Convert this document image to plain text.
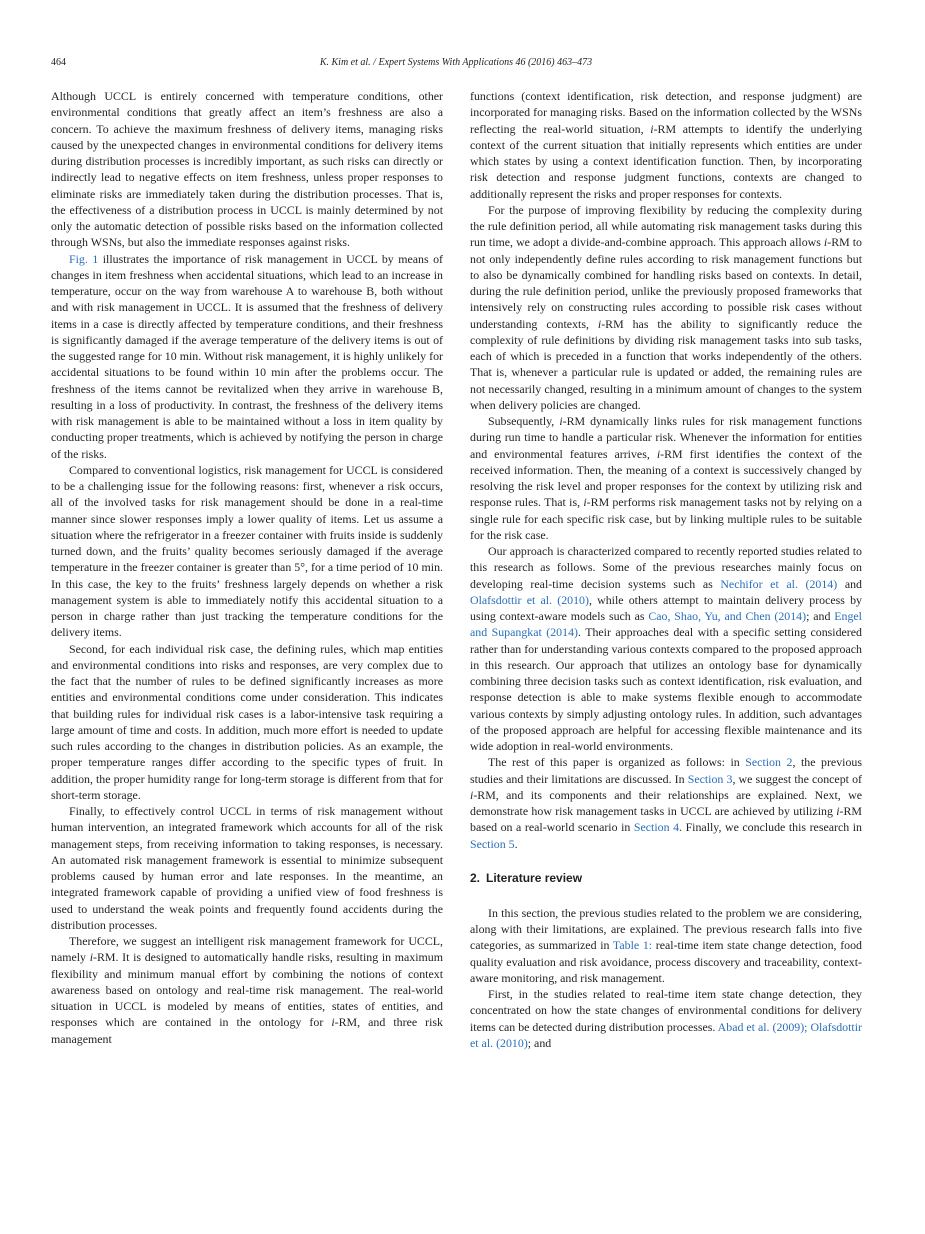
464	K. Kim et al. / Expert Systems With Applications 46 (2016) 463–473

Although UCCL is entirely concerned with temperature conditions, other environmental conditions that greatly affect an item’s freshness are also a concern. To achieve the maximum freshness of delivery items, managing risks caused by the unexpected changes in environmental conditions for delivery items during distribution processes is incredibly important, as such risks can directly or indirectly lead to negative effects on item freshness, unless proper responses to eliminate risks are immediately taken during the distribution processes. That is, the effectiveness of a distribution process in UCCL is mainly determined by not only the automatic detection of possible risks based on the information collected through WSNs, but also the immediate responses against risks.

Fig. 1 illustrates the importance of risk management in UCCL by means of changes in item freshness when accidental situations, which lead to an increase in temperature, occur on the way from warehouse A to warehouse B, both without and with risk management in UCCL. It is assumed that the freshness of delivery items in a case is directly affected by temperature conditions, and their freshness is significantly damaged if the average temperature of the delivery items is out of the suggested range for 10 min. Without risk management, it is highly unlikely for accidental situations to be found within 10 min after the problems occur. The freshness of the items cannot be revitalized when they arrive in warehouse B, resulting in a loss of productivity. In contrast, the freshness of the delivery items with risk management is able to be maintained without a loss in item quality by conducting proper treatments, which is achieved by notifying the person in charge of the risks.

Compared to conventional logistics, risk management for UCCL is considered to be a challenging issue for the following reasons: first, whenever a risk occurs, all of the involved tasks for risk management should be done in a real-time manner since slower responses imply a lower quality of items. Let us assume a situation where the refrigerator in a freezer container with fruits inside is suddenly turned down, and the fruits’ quality becomes seriously damaged if the average temperature in the freezer container is greater than 5°, for a time period of 10 min. In this case, the key to the fruits’ freshness largely depends on whether a risk management system is able to immediately notify this accidental situation to a person in charge rather than just tracking the temperature conditions for the delivery items.

Second, for each individual risk case, the defining rules, which map entities and environmental conditions into risks and responses, are very complex due to the fact that the number of rules to be defined significantly increases as more entities and environmental conditions come under consideration. This indicates that building rules for individual risk cases is a labor-intensive task requiring a large amount of time and costs. In addition, much more effort is needed to update such rules according to the changes in distribution policies. As an example, the proper temperature ranges differ according to the specific types of fruit. In addition, the proper humidity range for long-term storage is different from that for short-term storage.

Finally, to effectively control UCCL in terms of risk management without human intervention, an integrated framework which accounts for all of the risk management steps, from receiving information to taking responses, is necessary. An automated risk management framework is essential to minimize subsequent problems caused by human error and late responses. In the meantime, an integrated framework capable of providing a unified view of food freshness is used to understand the weak points and frequently found accidents during the distribution processes.

Therefore, we suggest an intelligent risk management framework for UCCL, namely i-RM. It is designed to automatically handle risks, resulting in maximum flexibility and minimum manual effort by combining the notions of context awareness based on ontology and real-time risk management. The real-world situation in UCCL is modeled by means of entities, states of entities, and responses which are contained in the ontology for i-RM, and three risk management

functions (context identification, risk detection, and response judgment) are incorporated for managing risks. Based on the information collected by the WSNs reflecting the real-world situation, i-RM attempts to identify the underlying context of the current situation that initially represents which entities are under which states by using a context identification function. Then, by incorporating risk detection and response judgment functions, contexts are changed to additionally represent the risks and proper responses for contexts.

For the purpose of improving flexibility by reducing the complexity during the rule definition period, all while automating risk management tasks during this run time, we adopt a divide-and-combine approach. This approach allows i-RM to not only independently define rules according to risk management functions but to also be dynamically combined for handling risks based on contexts. In detail, during the rule definition period, unlike the previously proposed frameworks that intensively rely on constructing rules according to possible risk cases without understanding contexts, i-RM has the ability to significantly reduce the complexity of rule definitions by dividing risk management tasks into sub tasks, each of which is preceded in a function that works independently of the others. That is, whenever a particular rule is updated or added, the remaining rules are not necessarily changed, resulting in a minimum amount of changes to the system when delivery policies are changed.

Subsequently, i-RM dynamically links rules for risk management functions during run time to handle a particular risk. Whenever the information for entities and environmental features arrives, i-RM first identifies the context of the received information. Then, the meaning of a context is successively changed by resolving the risk level and proper responses for the context by utilizing risk and response rules. That is, i-RM performs risk management tasks not by relying on a single rule for each specific risk case, but by linking multiple rules to be suitable for the risk case.

Our approach is characterized compared to recently reported studies related to this research as follows. Some of the previous researches mainly focus on developing real-time decision systems such as Nechifor et al. (2014) and Olafsdottir et al. (2010), while others attempt to maintain delivery process by using context-aware models such as Cao, Shao, Yu, and Chen (2014); and Engel and Supangkat (2014). Their approaches deal with a specific setting considered rather than for understanding various contexts compared to the proposed approach in this research. Our approach that utilizes an ontology base for dynamically combining three decision tasks such as context identification, risk evaluation, and response detection is able to make systems flexible enough to accommodate various contexts by simply adjusting ontology rules. In addition, such advantages of the proposed approach are helpful for accessing flexible maintenance and its wide adoption in real-world environments.

The rest of this paper is organized as follows: in Section 2, the previous studies and their limitations are discussed. In Section 3, we suggest the concept of i-RM, and its components and their relationships are explained. Next, we demonstrate how risk management tasks in UCCL are achieved by utilizing i-RM based on a real-world scenario in Section 4. Finally, we conclude this research in Section 5.

2. Literature review

In this section, the previous studies related to the problem we are considering, along with their limitations, are explained. The previous research falls into five categories, as summarized in Table 1: real-time item state change detection, food quality evaluation and risk avoidance, process discovery and traceability, context-aware monitoring, and risk management.

First, in the studies related to real-time item state change detection, they concentrated on how the state changes of environmental conditions for delivery items can be detected during distribution processes. Abad et al. (2009); Olafsdottir et al. (2010); and
